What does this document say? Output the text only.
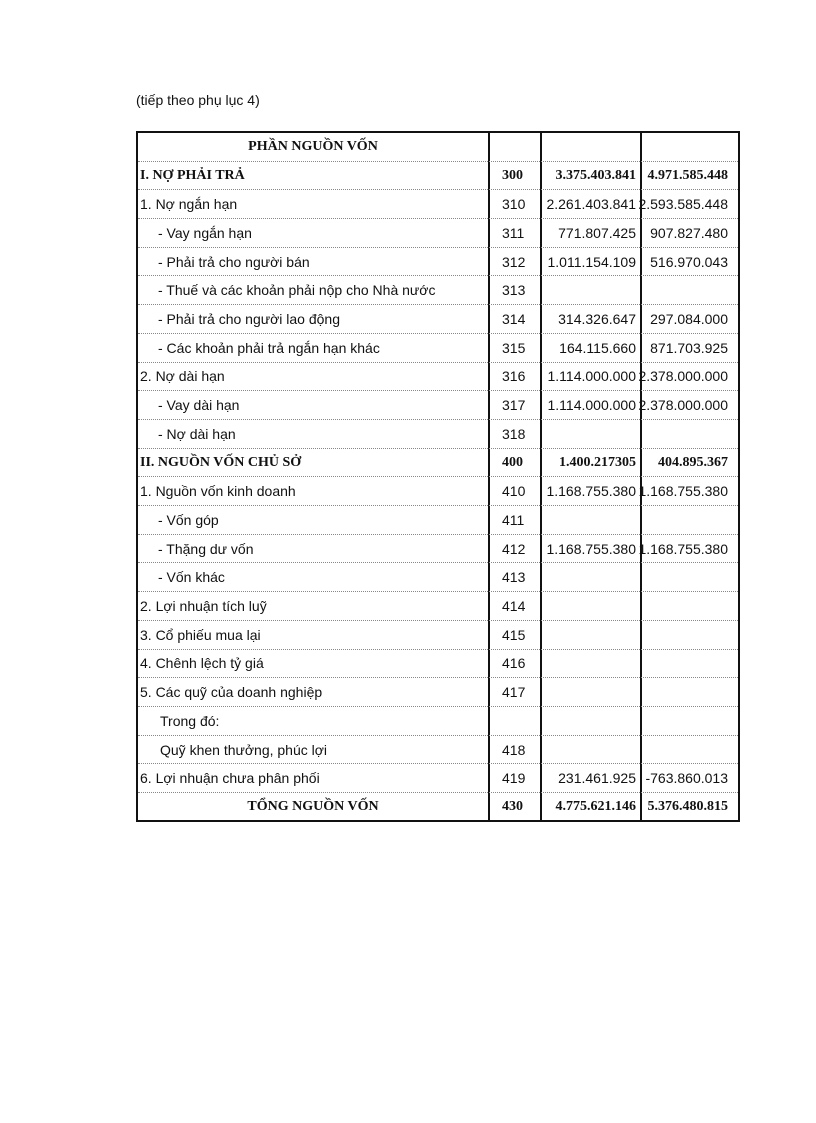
(tiếp theo phụ lục 4)
PHẦN NGUỒN VỐN
I. NỢ PHẢI TRẢ	300	3.375.403.841 4.971.585.448
1. Nợ ngắn hạn	310	2.261.403.841 2.593.585.448
- Vay ngắn hạn	311	771.807.425	907.827.480
- Phải trả cho người bán	312	1.011.154.109	516.970.043
- Thuế và các khoản phải nộp cho Nhà nước	313
- Phải trả cho người lao động	314	314.326.647	297.084.000
- Các khoản phải trả ngắn hạn khác	315	164.115.660	871.703.925
2. Nợ dài hạn	316	1.114.000.000 2.378.000.000
- Vay dài hạn	317	1.114.000.000 2.378.000.000
- Nợ dài hạn	318
II. NGUỒN VỐN CHỦ SỞ	400	1.400.217305	404.895.367
1. Nguồn vốn kinh doanh	410	1.168.755.380 1.168.755.380
- Vốn góp	411
- Thặng dư vốn	412	1.168.755.380 1.168.755.380
- Vốn khác	413
2. Lợi nhuận tích luỹ	414
3. Cổ phiếu mua lại	415
4. Chênh lệch tỷ giá	416
5. Các quỹ của doanh nghiệp	417
Trong đó:
Quỹ khen thưởng, phúc lợi	418
6. Lợi nhuận chưa phân phối	419	231.461.925 -763.860.013
TỔNG NGUỒN VỐN	430	4.775.621.146 5.376.480.815
